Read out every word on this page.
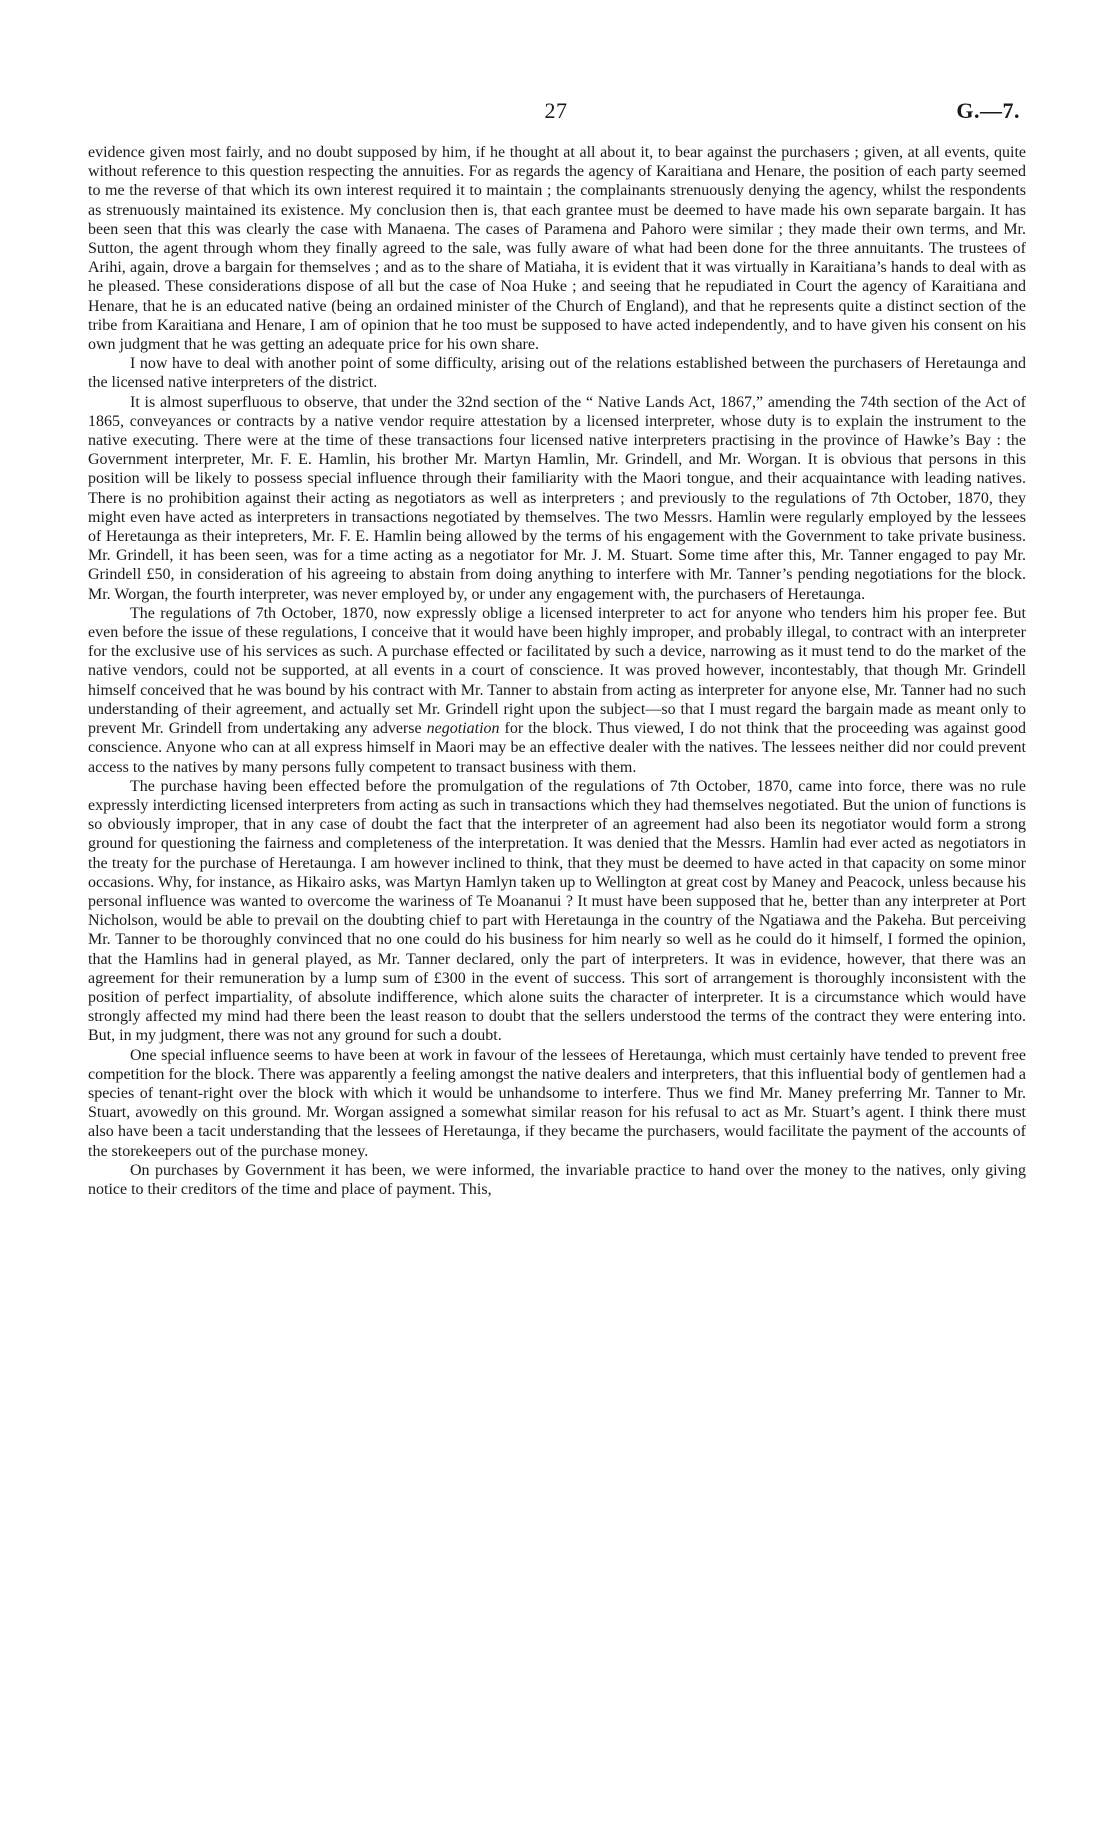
27	G.—7.

evidence given most fairly, and no doubt supposed by him, if he thought at all about it, to bear against the purchasers ; given, at all events, quite without reference to this question respecting the annuities. For as regards the agency of Karaitiana and Henare, the position of each party seemed to me the reverse of that which its own interest required it to maintain ; the complainants strenuously denying the agency, whilst the respondents as strenuously maintained its existence. My conclusion then is, that each grantee must be deemed to have made his own separate bargain. It has been seen that this was clearly the case with Manaena. The cases of Paramena and Pahoro were similar ; they made their own terms, and Mr. Sutton, the agent through whom they finally agreed to the sale, was fully aware of what had been done for the three annuitants. The trustees of Arihi, again, drove a bargain for themselves ; and as to the share of Matiaha, it is evident that it was virtually in Karaitiana’s hands to deal with as he pleased. These considerations dispose of all but the case of Noa Huke ; and seeing that he repudiated in Court the agency of Karaitiana and Henare, that he is an educated native (being an ordained minister of the Church of England), and that he represents quite a distinct section of the tribe from Karaitiana and Henare, I am of opinion that he too must be supposed to have acted independently, and to have given his consent on his own judgment that he was getting an adequate price for his own share.

I now have to deal with another point of some difficulty, arising out of the relations established between the purchasers of Heretaunga and the licensed native interpreters of the district.

It is almost superfluous to observe, that under the 32nd section of the “ Native Lands Act, 1867,” amending the 74th section of the Act of 1865, conveyances or contracts by a native vendor require attestation by a licensed interpreter, whose duty is to explain the instrument to the native executing. There were at the time of these transactions four licensed native interpreters practising in the province of Hawke’s Bay : the Government interpreter, Mr. F. E. Hamlin, his brother Mr. Martyn Hamlin, Mr. Grindell, and Mr. Worgan. It is obvious that persons in this position will be likely to possess special influence through their familiarity with the Maori tongue, and their acquaintance with leading natives. There is no prohibition against their acting as negotiators as well as interpreters ; and previously to the regulations of 7th October, 1870, they might even have acted as interpreters in transactions negotiated by themselves. The two Messrs. Hamlin were regularly employed by the lessees of Heretaunga as their intepreters, Mr. F. E. Hamlin being allowed by the terms of his engagement with the Government to take private business. Mr. Grindell, it has been seen, was for a time acting as a negotiator for Mr. J. M. Stuart. Some time after this, Mr. Tanner engaged to pay Mr. Grindell £50, in consideration of his agreeing to abstain from doing anything to interfere with Mr. Tanner’s pending negotiations for the block. Mr. Worgan, the fourth interpreter, was never employed by, or under any engagement with, the purchasers of Heretaunga.

The regulations of 7th October, 1870, now expressly oblige a licensed interpreter to act for anyone who tenders him his proper fee. But even before the issue of these regulations, I conceive that it would have been highly improper, and probably illegal, to contract with an interpreter for the exclusive use of his services as such. A purchase effected or facilitated by such a device, narrowing as it must tend to do the market of the native vendors, could not be supported, at all events in a court of conscience. It was proved however, incontestably, that though Mr. Grindell himself conceived that he was bound by his contract with Mr. Tanner to abstain from acting as interpreter for anyone else, Mr. Tanner had no such understanding of their agreement, and actually set Mr. Grindell right upon the subject—so that I must regard the bargain made as meant only to prevent Mr. Grindell from undertaking any adverse negotiation for the block. Thus viewed, I do not think that the proceeding was against good conscience. Anyone who can at all express himself in Maori may be an effective dealer with the natives. The lessees neither did nor could prevent access to the natives by many persons fully competent to transact business with them.

The purchase having been effected before the promulgation of the regulations of 7th October, 1870, came into force, there was no rule expressly interdicting licensed interpreters from acting as such in transactions which they had themselves negotiated. But the union of functions is so obviously improper, that in any case of doubt the fact that the interpreter of an agreement had also been its negotiator would form a strong ground for questioning the fairness and completeness of the interpretation. It was denied that the Messrs. Hamlin had ever acted as negotiators in the treaty for the purchase of Heretaunga. I am however inclined to think, that they must be deemed to have acted in that capacity on some minor occasions. Why, for instance, as Hikairo asks, was Martyn Hamlyn taken up to Wellington at great cost by Maney and Peacock, unless because his personal influence was wanted to overcome the wariness of Te Moananui ? It must have been supposed that he, better than any interpreter at Port Nicholson, would be able to prevail on the doubting chief to part with Heretaunga in the country of the Ngatiawa and the Pakeha. But perceiving Mr. Tanner to be thoroughly convinced that no one could do his business for him nearly so well as he could do it himself, I formed the opinion, that the Hamlins had in general played, as Mr. Tanner declared, only the part of interpreters. It was in evidence, however, that there was an agreement for their remuneration by a lump sum of £300 in the event of success. This sort of arrangement is thoroughly inconsistent with the position of perfect impartiality, of absolute indifference, which alone suits the character of interpreter. It is a circumstance which would have strongly affected my mind had there been the least reason to doubt that the sellers understood the terms of the contract they were entering into. But, in my judgment, there was not any ground for such a doubt.

One special influence seems to have been at work in favour of the lessees of Heretaunga, which must certainly have tended to prevent free competition for the block. There was apparently a feeling amongst the native dealers and interpreters, that this influential body of gentlemen had a species of tenant-right over the block with which it would be unhandsome to interfere. Thus we find Mr. Maney preferring Mr. Tanner to Mr. Stuart, avowedly on this ground. Mr. Worgan assigned a somewhat similar reason for his refusal to act as Mr. Stuart’s agent. I think there must also have been a tacit understanding that the lessees of Heretaunga, if they became the purchasers, would facilitate the payment of the accounts of the storekeepers out of the purchase money.

On purchases by Government it has been, we were informed, the invariable practice to hand over the money to the natives, only giving notice to their creditors of the time and place of payment. This,
